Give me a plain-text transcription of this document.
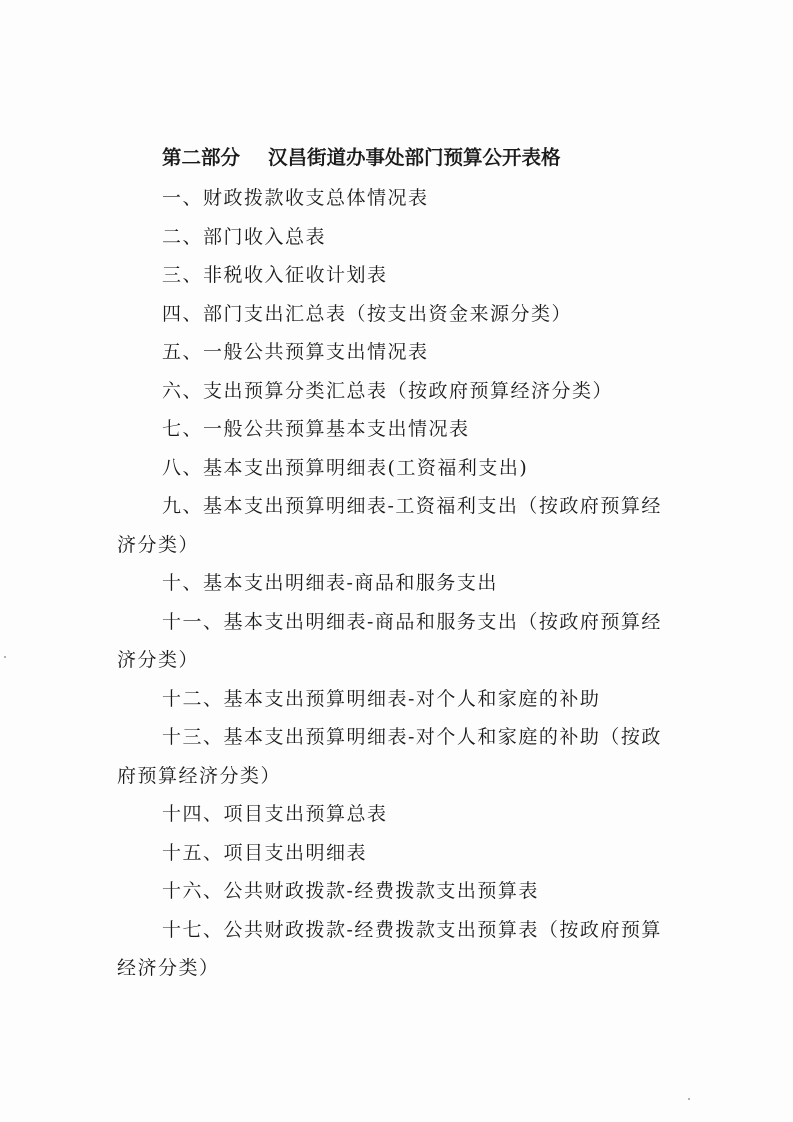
第二部分 汉昌街道办事处部门预算公开表格
一、财政拨款收支总体情况表
二、部门收入总表
三、非税收入征收计划表
四、部门支出汇总表（按支出资金来源分类）
五、一般公共预算支出情况表
六、支出预算分类汇总表（按政府预算经济分类）
七、一般公共预算基本支出情况表
八、基本支出预算明细表(工资福利支出)
九、基本支出预算明细表-工资福利支出（按政府预算经济分类）
十、基本支出明细表-商品和服务支出
十一、基本支出明细表-商品和服务支出（按政府预算经济分类）
十二、基本支出预算明细表-对个人和家庭的补助
十三、基本支出预算明细表-对个人和家庭的补助（按政府预算经济分类）
十四、项目支出预算总表
十五、项目支出明细表
十六、公共财政拨款-经费拨款支出预算表
十七、公共财政拨款-经费拨款支出预算表（按政府预算经济分类）
